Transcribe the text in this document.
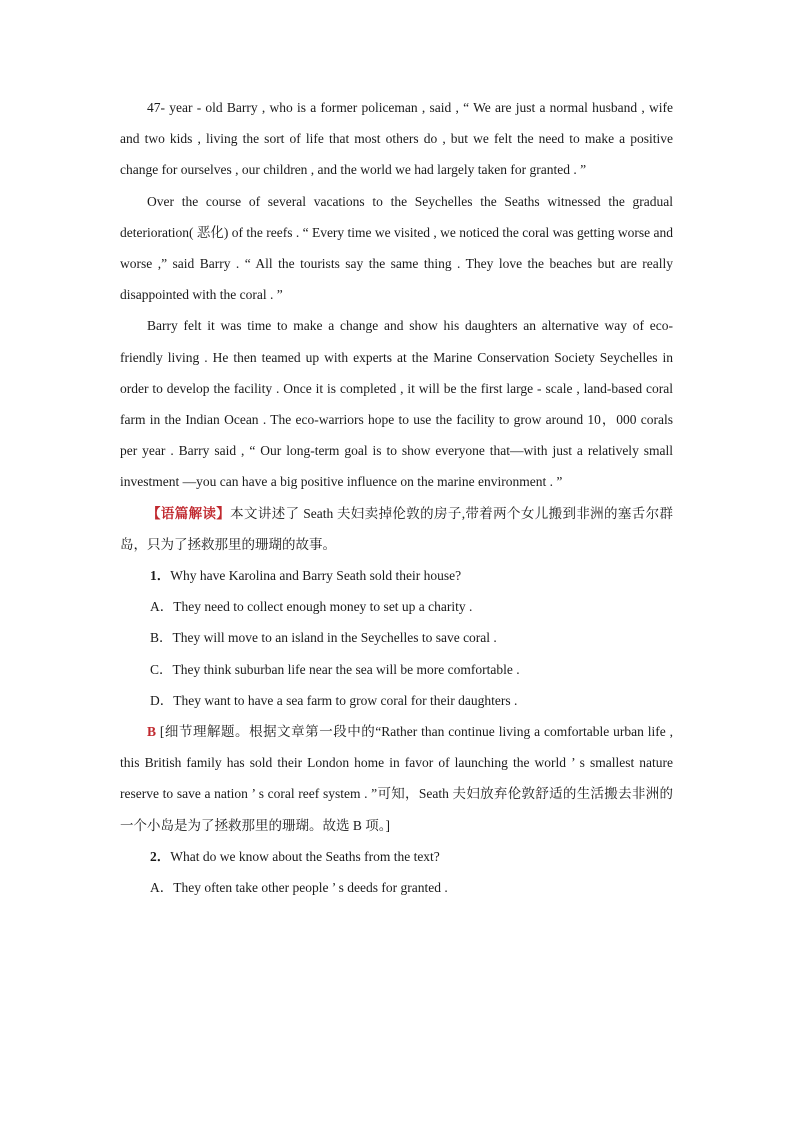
47- year - old Barry , who is a former policeman , said , “ We are just a normal husband , wife and two kids , living the sort of life that most others do , but we felt the need to make a positive change for ourselves , our children , and the world we had largely taken for granted . ”

Over the course of several vacations to the Seychelles the Seaths witnessed the gradual deterioration( 恶化) of the reefs . “ Every time we visited , we noticed the coral was getting worse and worse ,” said Barry . “ All the tourists say the same thing . They love the beaches but are really disappointed with the coral . ”

Barry felt it was time to make a change and show his daughters an alternative way of eco-friendly living . He then teamed up with experts at the Marine Conservation Society Seychelles in order to develop the facility . Once it is completed , it will be the first large - scale , land-based coral farm in the Indian Ocean . The eco-warriors hope to use the facility to grow around 10，000 corals per year . Barry said , “ Our long-term goal is to show everyone that—with just a relatively small investment —you can have a big positive influence on the marine environment . ”

【语篇解读】本文讲述了 Seath 夫妇卖掉伦敦的房子,带着两个女儿搬到非洲的塞舌尔群岛，只为了拯救那里的珊瑚的故事。

1．Why have Karolina and Barry Seath sold their house?

A．They need to collect enough money to set up a charity .

B．They will move to an island in the Seychelles to save coral .

C．They think suburban life near the sea will be more comfortable .

D．They want to have a sea farm to grow coral for their daughters .

B [细节理解题。根据文章第一段中的“Rather than continue living a comfortable urban life , this British family has sold their London home in favor of launching the world ’ s smallest nature reserve to save a nation ’ s coral reef system . ”可知，Seath 夫妇放弃伦敦舒适的生活搬去非洲的一个小岛是为了拯救那里的珊瑚。故选 B 项。]

2．What do we know about the Seaths from the text?

A．They often take other people ’ s deeds for granted .
